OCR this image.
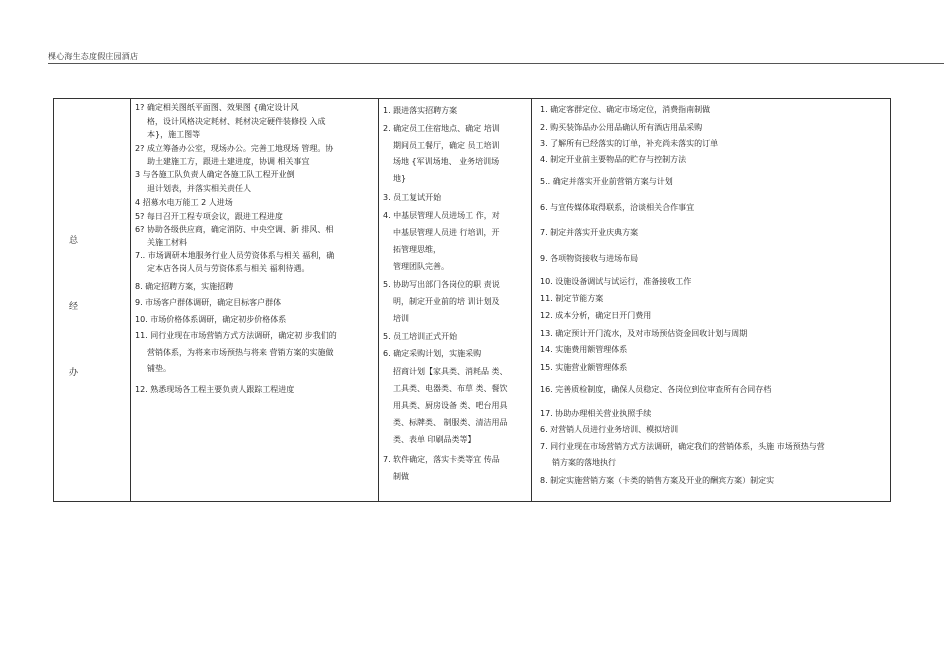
棵心海生态度假庄园酒店
总
经
办
1? 确定相关图纸平面图、效果图 {确定设计风
格，设计风格决定耗材、耗材决定硬件装修投 入成
本}，施工图等
2? 成立筹备办公室，现场办公。完善工地现场 管理。协
助土建施工方，跟进土建进度，协调 相关事宜
3 与各施工队负责人确定各施工队工程开业倒
退计划表，并落实相关责任人
4 招募水电万能工 2 人进场
5? 每日召开工程专项会议，跟进工程进度
6? 协助各级供应商，确定消防、中央空调、新 排风、相
关施工材料
7.. 市场调研本地服务行业人员劳资体系与相关 福利，确
定本店各岗人员与劳资体系与相关 福利待遇。
8. 确定招聘方案，实施招聘
9. 市场客户群体调研，确定目标客户群体
10. 市场价格体系调研，确定初步价格体系
11. 同行业现在市场营销方式方法调研，确定初 步我们的
营销体系，为将来市场预热与将来 营销方案的实施做
铺垫。
12. 熟悉现场各工程主要负责人跟踪工程进度
1. 跟进落实招聘方案
2. 确定员工住宿地点、确定 培训
期间员工餐厅，确定 员工培训
场地 {军训场地、 业务培训场
地}
3. 员工复试开始
4. 中基层管理人员进场工 作，对
中基层管理人员进 行培训，开
拓管理思维，
管理团队完善。
5. 协助写出部门各岗位的职 责说
明，制定开业前的培 训计划及
培训
5. 员工培训正式开始
6. 确定采购计划，实施采购
招商计划【家具类、消耗品 类、
工具类、电器类、布草 类、餐饮
用具类、厨房设备 类、吧台用具
类、标牌类、 制服类、清洁用品
类、表单 印刷品类等】
7. 软件确定，落实卡类等宜 传品
制做
1. 确定客群定位、确定市场定位，消费指南制做
2. 购买装饰品办公用品确认所有酒店用品采购
3. 了解所有已经落实的订单，补充尚未落实的订单
4. 制定开业前主要物品的贮存与控制方法
5.. 确定并落实开业前营销方案与计划
6. 与宣传媒体取得联系，洽谈相关合作事宜
7. 制定并落实开业庆典方案
9. 各项物资接收与进场布局
10. 设施设备调试与试运行，准备接收工作
11. 制定节能方案
12. 成本分析，确定日开门费用
13. 确定预计开门流水，及对市场预估资金回收计划与周期
14. 实施费用额管理体系
15. 实施营业额管理体系
16. 完善质检制度，确保人员稳定、各岗位到位审查所有合同存档
17. 协助办理相关营业执照手续
6. 对营销人员进行业务培训、模拟培训
7. 同行业现在市场营销方式方法调研，确定我们的营销体系，头施 市场预热与营
销方案的落地执行
8. 制定实施营销方案（卡类的销售方案及开业的酬宾方案）制定实
